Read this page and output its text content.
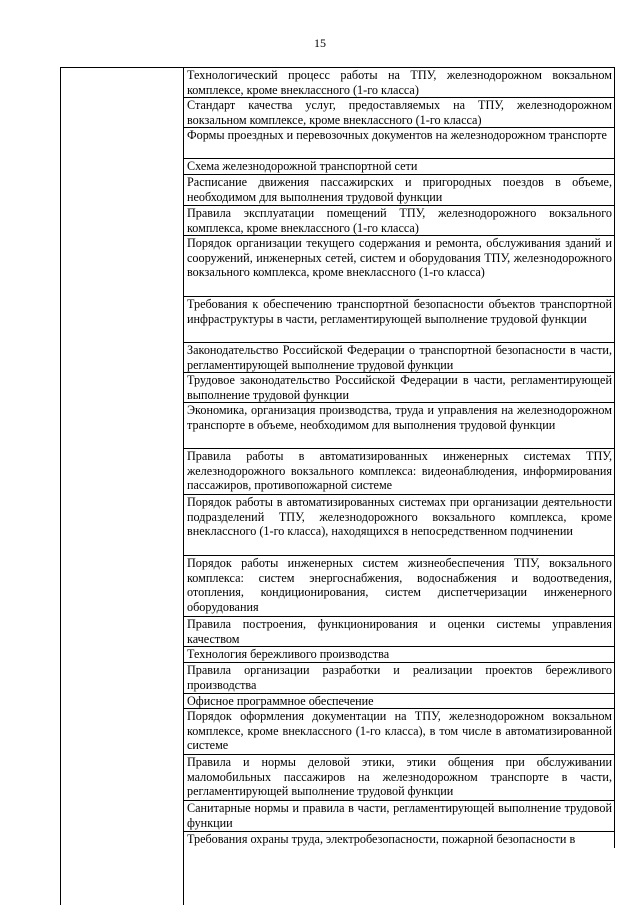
15
Технологический процесс работы на ТПУ, железнодорожном вокзальном комплексе, кроме внеклассного (1-го класса)
Стандарт качества услуг, предоставляемых на ТПУ, железнодорожном вокзальном комплексе, кроме внеклассного (1-го класса)
Формы проездных и перевозочных документов на железнодорожном транспорте
Схема железнодорожной транспортной сети
Расписание движения пассажирских и пригородных поездов в объеме, необходимом для выполнения трудовой функции
Правила эксплуатации помещений ТПУ, железнодорожного вокзального комплекса, кроме внеклассного (1-го класса)
Порядок организации текущего содержания и ремонта, обслуживания зданий и сооружений, инженерных сетей, систем и оборудования ТПУ, железнодорожного вокзального комплекса, кроме внеклассного (1-го класса)
Требования к обеспечению транспортной безопасности объектов транспортной инфраструктуры в части, регламентирующей выполнение трудовой функции
Законодательство Российской Федерации о транспортной безопасности в части, регламентирующей выполнение трудовой функции
Трудовое законодательство Российской Федерации в части, регламентирующей выполнение трудовой функции
Экономика, организация производства, труда и управления на железнодорожном транспорте в объеме, необходимом для выполнения трудовой функции
Правила работы в автоматизированных инженерных системах ТПУ, железнодорожного вокзального комплекса: видеонаблюдения, информирования пассажиров, противопожарной системе
Порядок работы в автоматизированных системах при организации деятельности подразделений ТПУ, железнодорожного вокзального комплекса, кроме внеклассного (1-го класса), находящихся в непосредственном подчинении
Порядок работы инженерных систем жизнеобеспечения ТПУ, вокзального комплекса: систем энергоснабжения, водоснабжения и водоотведения, отопления, кондиционирования, систем диспетчеризации инженерного оборудования
Правила построения, функционирования и оценки системы управления качеством
Технология бережливого производства
Правила организации разработки и реализации проектов бережливого производства
Офисное программное обеспечение
Порядок оформления документации на ТПУ, железнодорожном вокзальном комплексе, кроме внеклассного (1-го класса), в том числе в автоматизированной системе
Правила и нормы деловой этики, этики общения при обслуживании маломобильных пассажиров на железнодорожном транспорте в части, регламентирующей выполнение трудовой функции
Санитарные нормы и правила в части, регламентирующей выполнение трудовой функции
Требования охраны труда, электробезопасности, пожарной безопасности в
